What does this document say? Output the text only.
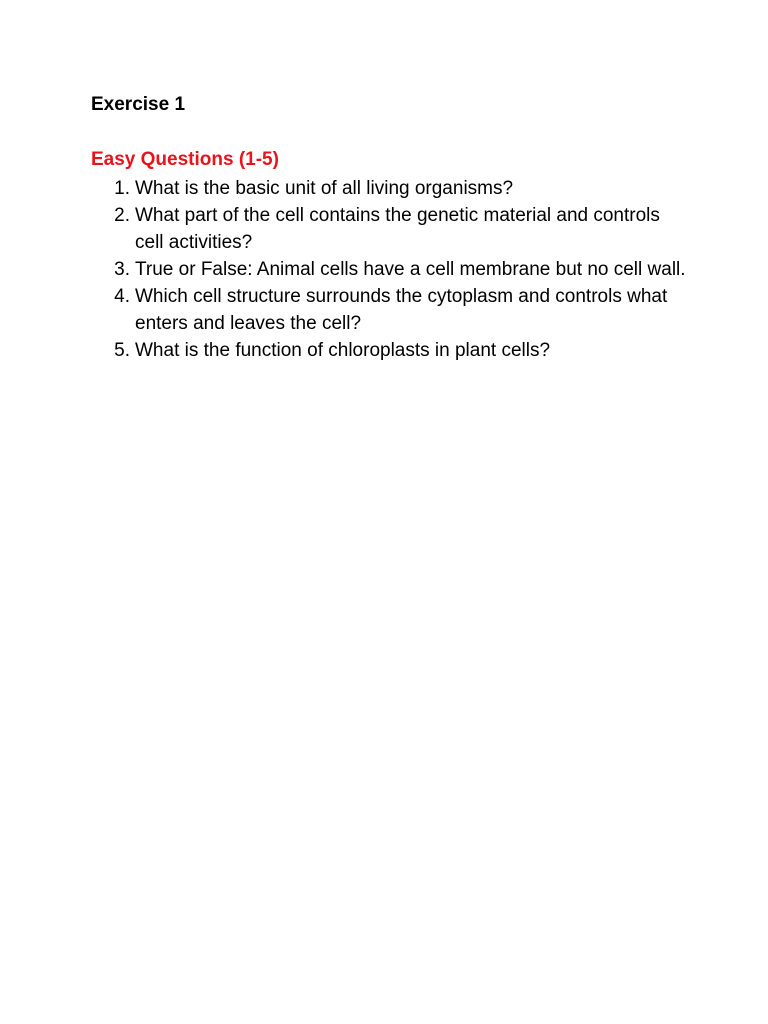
Exercise 1
Easy Questions (1-5)
1. What is the basic unit of all living organisms?
2. What part of the cell contains the genetic material and controls cell activities?
3. True or False: Animal cells have a cell membrane but no cell wall.
4. Which cell structure surrounds the cytoplasm and controls what enters and leaves the cell?
5. What is the function of chloroplasts in plant cells?
